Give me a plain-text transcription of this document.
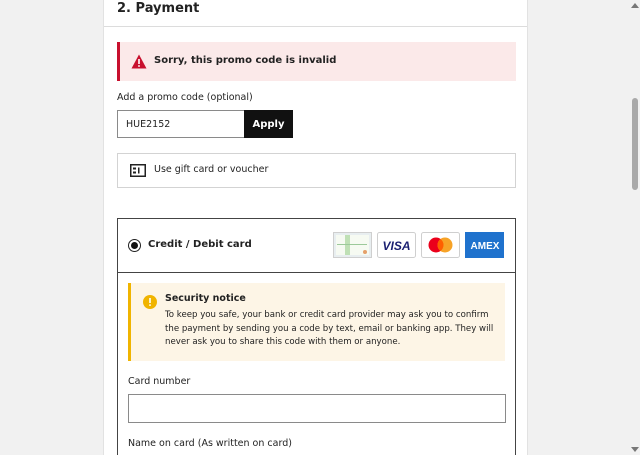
2. Payment
Sorry, this promo code is invalid
Add a promo code (optional)
HUE2152
Apply
Use gift card or voucher
Credit / Debit card	VISA	AMEX
Security notice
To keep you safe, your bank or credit card provider may ask you to confirm the payment by sending you a code by text, email or banking app. They will never ask you to share this code with them or anyone.
Card number
Name on card (As written on card)
